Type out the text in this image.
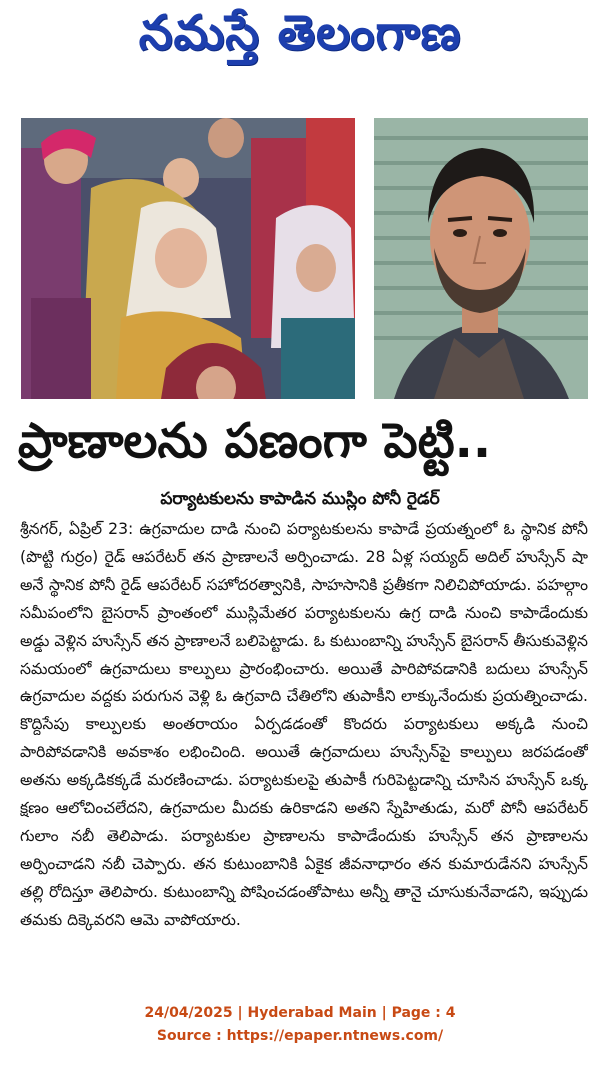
నమస్తే తెలంగాణ
ప్రాణాలను పణంగా పెట్టి..
పర్యాటకులను కాపాడిన ముస్లిం పోనీ రైడర్
శ్రీనగర్, ఏప్రిల్ 23: ఉగ్రవాదుల దాడి నుంచి పర్యాటకులను కాపాడే ప్రయత్నంలో ఓ స్థానిక పోనీ (పొట్టి గుర్రం) రైడ్ ఆపరేటర్ తన ప్రాణాలనే అర్పించాడు. 28 ఏళ్ల సయ్యద్ అదిల్ హుస్సేన్ షా అనే స్థానిక పోనీ రైడ్ ఆపరేటర్ సహోదరత్వానికి, సాహసానికి ప్రతీకగా నిలిచిపోయాడు. పహల్గాం సమీపంలోని బైసరాన్ ప్రాంతంలో ముస్లిమేతర పర్యాటకులను ఉగ్ర దాడి నుంచి కాపాడేందుకు అడ్డు వెళ్లిన హుస్సేన్ తన ప్రాణాలనే బలిపెట్టాడు. ఓ కుటుంబాన్ని హుస్సేన్ బైసరాన్ తీసుకువెళ్లిన సమయంలో ఉగ్రవాదులు కాల్పులు ప్రారంభించారు. అయితే పారిపోవడానికి బదులు హుస్సేన్ ఉగ్రవాదుల వద్దకు పరుగున వెళ్లి ఓ ఉగ్రవాది చేతిలోని తుపాకీని లాక్కునేందుకు ప్రయత్నించాడు. కొద్దిసేపు కాల్పులకు అంతరాయం ఏర్పడడంతో కొందరు పర్యాటకులు అక్కడి నుంచి పారిపోవడానికి అవకాశం లభించింది. అయితే ఉగ్రవాదులు హుస్సేన్‌పై కాల్పులు జరపడంతో అతను అక్కడికక్కడే మరణించాడు. పర్యాటకులపై తుపాకీ గురిపెట్టడాన్ని చూసిన హుస్సేన్ ఒక్క క్షణం ఆలోచించలేదని, ఉగ్రవాదుల మీదకు ఉరికాడని అతని స్నేహితుడు, మరో పోనీ ఆపరేటర్ గులాం నబీ తెలిపాడు. పర్యాటకుల ప్రాణాలను కాపాడేందుకు హుస్సేన్ తన ప్రాణాలను అర్పించాడని నబీ చెప్పారు. తన కుటుంబానికి ఏకైక జీవనాధారం తన కుమారుడేనని హుస్సేన్ తల్లి రోదిస్తూ తెలిపారు. కుటుంబాన్ని పోషించడంతోపాటు అన్నీ తానై చూసుకునేవాడని, ఇప్పుడు తమకు దిక్కెవరని ఆమె వాపోయారు.
24/04/2025 | Hyderabad Main | Page : 4
Source : https://epaper.ntnews.com/
